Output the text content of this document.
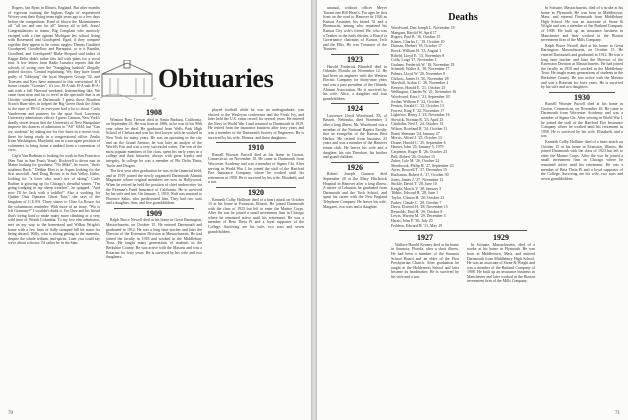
Rogers, Ian Ryan in Illinois, England. But after months of vigorous training the bigbass Eagle of sequestered Wrixey sent their flying team eight years ago to a few days before the competition. Kind of blown the Mountaineers off "all tax and one for all" history all to hell, Jesus! Congratulations to teams. Big Complain who narrowly escaped with a fine against Michigan law school living with Rosemead and Goodspeed. Egad, if they compete together they appear to be comic singles: Dennis Gualtieri Goodspeed, Goodfellow and Bernquist, or is it Burnlin, Goodlead, and Goodspeed? Blake Shepard said ladies of Kappa Delta didn't rather this fall with plans for a vocal tour. A few letters from Radio Lunatics reports that the schools of swing over the "Snuggling hashish" illegally pushed doctors. Central explaining. We, they have found guilty of "lobbying" the local Shoppers Gossip '32, and Truesten and Kerr have animated in this convention! If I honor certain "Goonies", it's too. H-A-aah H-A-aah H-A-aah with a full Harvard weekend, lettermelting like, We came from near and far to revel in the spectacle that is an October weekend at Dartmouth. I guess those Bourbon Scotch Rum-isles in helped the Big Green flush the Johns to the tune of 80-12 as everyone had a lot to shout. Carlo Vanderveen and partners for the sport Scott Lawrence University admissions officer. I guess Cannon, New York's deadly secret lesson that the University of New Hampshire improve his chances of admission to "AS" SAM, but "Can we, students" by asking me for five dates in a recent visit, these for being ready in a congressional office. Zenko Irvan Washington, Maryland, ran in a surrogate position of volunteers to bring home a tankard from a convention of civic.

Cap'n Van Rodman is looking for work in San Francisco (San Vast in San Fran's Vona). Rockwell is down east in Maine looking for goodness. "No Mike", he swore, "that's southern Rock." Debbie Ehet is in Aspen looking for the first snowfall. And Doug Brown is in Sun Valley, Idaho, looking for "a lover who won't tire of skiing". Carlo Bodine is growing up for Chicago's dreadful winter. "I'm going trudging in my sheep trenches", he quipped. "And now I'll be Jack with a toddler!" Also a working for Quaker Oats Operator Ghost Tour," she says of the kingdom of C.U.P.S. Three sisters to Chez La Rouce for the voluminous reminder: With more of an irony, "Wo is left Germany?" I wouldn't doubt it. I'm Chez and his friend that's trying hard to make many more climbing or a very wild time of Wendt Columbia. To my low elm admission, met on my way to the homestead and Wilbur Wright's home with a few lines of Sally stomped hill bit some for being aboard. Willy, who is sitting getting to the summits, despite the whole tedium, and spirits. Later you could say we're about a doctor. I'd rather be in the Sam.

Obituaries
1908

Winston Bass Tierson died in Santa Barbara, California, on September 23. He was born in 1886, as he was of his 90th year when he died. He graduated from Wells Park High School of Chelsea and was his first lawyer with he worked in New York for many years. He was an operating in the city and on the Grand Avenue, he was later an analyst of the World's Fair and was a very successful writer. The son of the most popular members of the class, spent his early years in a college and their histories, always with great loyalty and integrity. In college he was a member of Phi Delta Theta, Turtle and Dragon.

The first year after graduation he was in the financial field, and in 1919 joined the newly organized Dartmouth Alumni Magazine whose original members are now in Hollywood. When he retired he held the position of chief underwriter for the Fireman's Fund Insurance of California. He is survived by his wife and son. On January 1, 1910, Walt was married to Florence Sakis, who predeceased him. They had two sons and a daughter, Ann, and five grandchildren.

1909

Ralph Bruce Newell died at his home in Great Barrington, Massachusetts, on October 15. He entered Dartmouth and graduated in 1912. He was a long time teacher and later the Director of the Extension Division at Massachusetts. He had joined the faculty in 1918 and worked in the Middlebury Trust. He taught many generations of students in the Berkshire County. He was active with the Masons and was a Rotarian for forty years. He is survived by his wife and two daughters.

played football while he was an undergraduate, was elected to the Wesleyan conference and the Frosh Ivy, and later held the U.S. swim record for several years. He entered the Navy in World War I and returned to Dartmouth in 1919. He retired from the insurance business after forty years and was a member of the Dartmouth Society of Engineers. He is survived by his wife, Eleanor, and three daughters.

1910

Russell Wooster Purcell died at his home in Groton, Connecticut, on November 10. He came to Dartmouth from Worcester Academy and was a member of Sigma Chi. After serving in World War I, he joined the staff of the Hartford Fire Insurance Company where he worked until his retirement in 1958. He is survived by his wife, Elizabeth, and a son.

1920

Kenneth Colby Hollister died of a heart attack on October 15 at his home in Evanston, Illinois. He joined Dartmouth with the class of 1923 but left to enter the Marine Corps. After the war he joined a small investment firm in Chicago where he remained active until his retirement. He was a member of Beta Theta Pi and a loyal supporter of the College. Surviving are his wife, two sons and seven grandchildren.

70

unusual, without officer Meyer Tarrant one Hill Heart's. For ages he first from on the road to Hanover in 1926 as Kansas Assistant, his friend '31 and a Pharmacist, among who remained his Kansas City wife's friend. He, who was a Teather in the early thirties, a Board or Governance chairman of Kansas Tech and the Elks. He was Treasurer of the Trustees.

1923

Harold Frederick Blaisdell died in Orlando, Florida, on November 12. He had been an engineer with the Western Electric Company for thirty-nine years and was a past president of the Orlando Alumni Association. He is survived by his wife, Alice, a daughter and four grandchildren.

1924

Lawrence Lloyd Woodward, 83, of Bassett, Nebraska, died November 3 after a long illness. Mr. Woodward was a member of the National Baptist Faculty that an evangelist of the Kansas Rest Harbor. He retired from business 23 years and was a member of the Hanover tennis club. He leaves his wife and a daughter, his son Theodore, his brother and grand-children.

1926

Robert Joseph Gannon died September 20 at the Mary Hitchcock Hospital in Hanover after a long illness. A native of Lebanon, he graduated from Dartmouth and the Tuck School, and spent his career with the New England Telephone Company. He leaves his wife, Margaret, two sons and a daughter.

Deaths
Woodward, Dan Joseph L. November 18
Mangam, Harold W. April 17
Rogers, Paul B. '16, October 15
Kisner, Charles C. '18, October 10
Duncan, Herbert '18, October 17
Brock, William H. '13, August 1
Rifield, Lloyd E. '13, November 8
Colla, Luigi '17, November 1
Graham, Frederick W. '18, November 18
Schmidt, Walter A. '18, November 17
Palmer, Lloyd W. '20, November 8
Chilcott, James O. '20, November 28
Marshall, Arthur C. '20, November 2
Kenyon, Harold E. '21, October 25
Wellington, Charles W. '21, November 16
Woodward, Ezra J. '21, September 20
Jordan, William F. '22, October 3
Fenton, Gerald C. '22, October 13
Forrest, King F. '22, November 17
Lightfoot, Henry J. '23, November 16
Slowick, Norman R. '23, April 23
Chisholm, Neil J. '24, October 15
Wilson, Rowland R. '24, October 11
Bond, Sherman '24, January 27
Morris, Alfred J. '25, October 13
Doane, Harold C. '25, September 6
Hauser, John '25, January 5, 1979
Carpenter, Roger B. '26, October 23
Bell, Robert '26, October 15
Zuker, Lyle M. '26, October 22
Shortbrook, Philip H. '27, September 23
Ayres, Roswell T. '27, December 15
Buchanan, Robert A. '27, October 30
Jones, James J. '27, November 12
Stickle, David T. '28, June 10
Knight, Morris V. '28, January 3
Tibbits, Edward B. '28, June 1
Taylor, Clinton H. '28, October 23
Parker, Claude C. '28, October 7
Davis, Elwood H. '28, November 15
Reynolds, Paul H. '29, October 8
Lewis, Warren M. '29, December 3
Harris, John P. '30, July 20
Feddern, Edward H. '31, May 19
1927

Wallace Harold Kenney died at his home in Sarasota, Florida, after a short illness. He had been a member of the Sarasota School Board and an elder of the First Presbyterian Church. After graduation he taught at the Holderness School and later became its headmaster. He is survived by his wife and a son.

1929

In Scituate, Massachusetts, died of a stroke at his home in Plymouth. He was born in Middletown, Mass. and entered Dartmouth from Middlebury High School. He was an associate of Stone & Wright and was a member of the Rutland Company of 1908. He built up an insurance business in Manchester and later worked in the Boston investment firm of the Mills Company.

In Scituate, Massachusetts, died of a stroke at his home in Plymouth. He was born in Middletown, Mass. and entered Dartmouth from Middlebury High School. He was an associate of Stone & Wright and was a member of the Rutland Company of 1908. He built up an insurance business in Manchester and later worked in the Boston investment firm of the Mills Company.

Ralph Bruce Newell died at his home in Great Barrington, Massachusetts, on October 15. He entered Dartmouth and graduated in 1912. He was a long time teacher and later the Director of the Extension Division at Massachusetts. He had joined the faculty in 1918 and worked in the Middlebury Trust. He taught many generations of students in the Berkshire County. He was active with the Masons and was a Rotarian for forty years. He is survived by his wife and two daughters.

1930

Russell Wooster Purcell died at his home in Groton, Connecticut, on November 10. He came to Dartmouth from Worcester Academy and was a member of Sigma Chi. After serving in World War I, he joined the staff of the Hartford Fire Insurance Company where he worked until his retirement in 1958. He is survived by his wife, Elizabeth, and a son.

Kenneth Colby Hollister died of a heart attack on October 15 at his home in Evanston, Illinois. He joined Dartmouth with the class of 1923 but left to enter the Marine Corps. After the war he joined a small investment firm in Chicago where he remained active until his retirement. He was a member of Beta Theta Pi and a loyal supporter of the College. Surviving are his wife, two sons and seven grandchildren.

71
